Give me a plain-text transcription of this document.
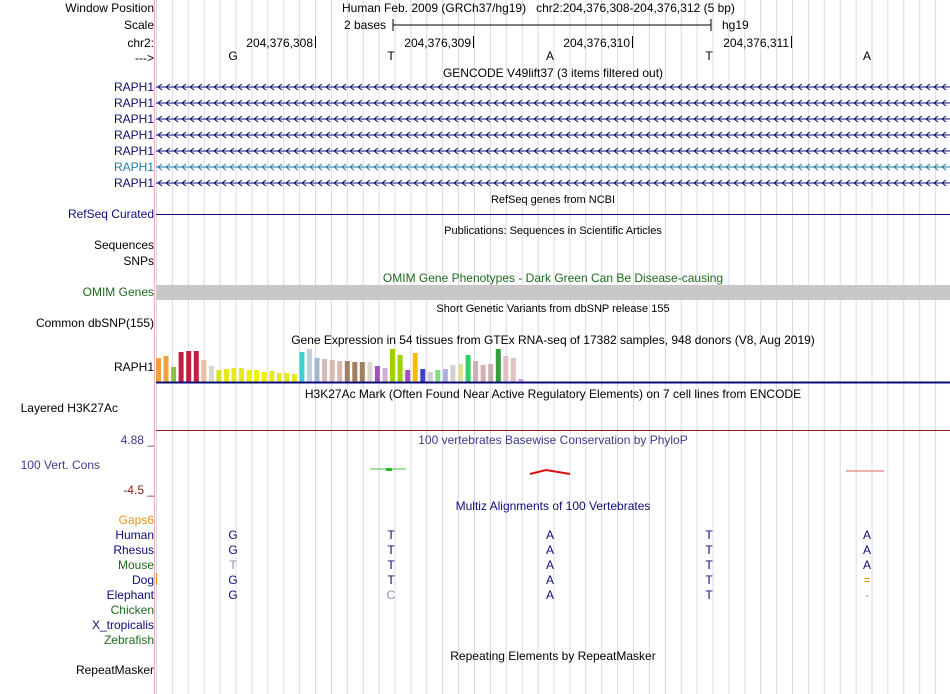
Window Position	Human Feb. 2009 (GRCh37/hg19)   chr2:204,376,308-204,376,312 (5 bp)
Scale	2 bases	hg19
chr2:
--->
204,376,308	204,376,309	204,376,310	204,376,311
G	T	A	T	A
GENCODE V49lift37 (3 items filtered out)
RAPH1
RAPH1
RAPH1
RAPH1
RAPH1
RAPH1
RAPH1
RefSeq genes from NCBI
RefSeq Curated
Publications: Sequences in Scientific Articles
Sequences
SNPs
OMIM Gene Phenotypes - Dark Green Can Be Disease-causing
OMIM Genes
Short Genetic Variants from dbSNP release 155
Common dbSNP(155)
Gene Expression in 54 tissues from GTEx RNA-seq of 17382 samples, 948 donors (V8, Aug 2019)
RAPH1
H3K27Ac Mark (Often Found Near Active Regulatory Elements) on 7 cell lines from ENCODE
Layered H3K27Ac
4.88 _	100 vertebrates Basewise Conservation by PhyloP
100 Vert. Cons
-4.5 _
Multiz Alignments of 100 Vertebrates
Gaps6
Human	G	T	A	T	A
Rhesus	G	T	A	T	A
Mouse	T	T	A	T	A
Dog	G	T	A	T	=
Elephant	G	C	A	T	-
Chicken
X_tropicalis
Zebrafish
Repeating Elements by RepeatMasker
RepeatMasker
